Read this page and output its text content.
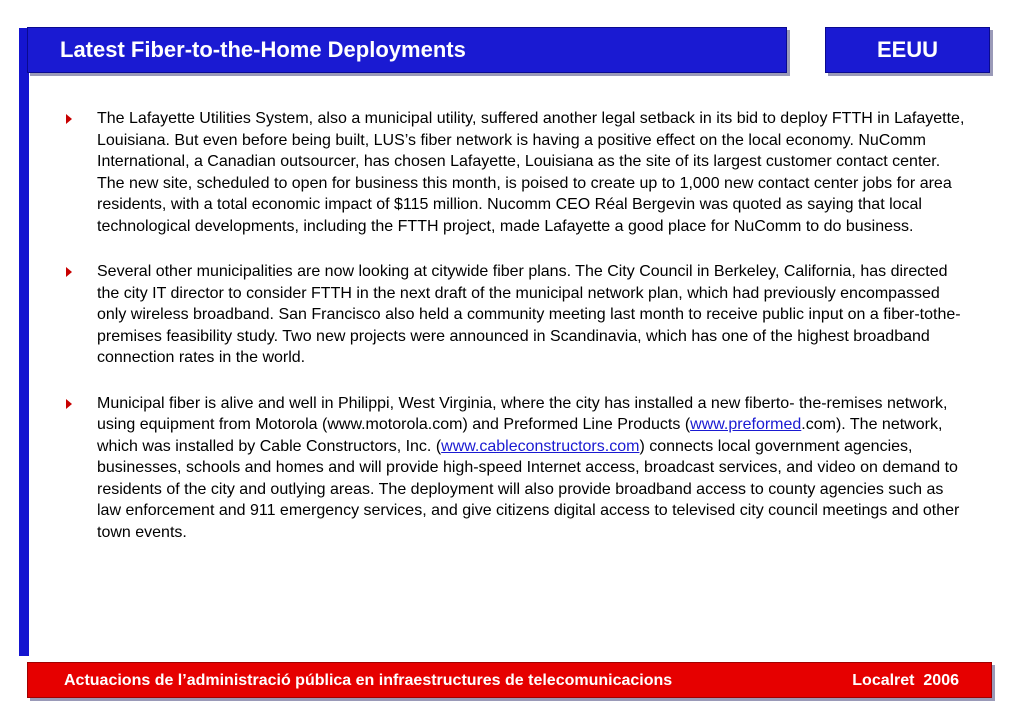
Latest Fiber-to-the-Home Deployments	EEUU
The Lafayette Utilities System, also a municipal utility, suffered another legal setback in its bid to deploy FTTH in Lafayette, Louisiana. But even before being built, LUS’s fiber network is having a positive effect on the local economy. NuComm International, a Canadian outsourcer, has chosen Lafayette, Louisiana as the site of its largest customer contact center. The new site, scheduled to open for business this month, is poised to create up to 1,000 new contact center jobs for area residents, with a total economic impact of $115 million. Nucomm CEO Réal Bergevin was quoted as saying that local technological developments, including the FTTH project, made Lafayette a good place for NuComm to do business.
Several other municipalities are now looking at citywide fiber plans. The City Council in Berkeley, California, has directed the city IT director to consider FTTH in the next draft of the municipal network plan, which had previously encompassed only wireless broadband. San Francisco also held a community meeting last month to receive public input on a fiber-tothe- premises feasibility study. Two new projects were announced in Scandinavia, which has one of the highest broadband connection rates in the world.
Municipal fiber is alive and well in Philippi, West Virginia, where the city has installed a new fiberto- the-remises network, using equipment from Motorola (www.motorola.com) and Preformed Line Products (www.preformed.com). The network, which was installed by Cable Constructors, Inc. (www.cableconstructors.com) connects local government agencies, businesses, schools and homes and will provide high-speed Internet access, broadcast services, and video on demand to residents of the city and outlying areas. The deployment will also provide broadband access to county agencies such as law enforcement and 911 emergency services, and give citizens digital access to televised city council meetings and other town events.
Actuacions de l’administració pública en infraestructures de telecomunicacions	Localret  2006
